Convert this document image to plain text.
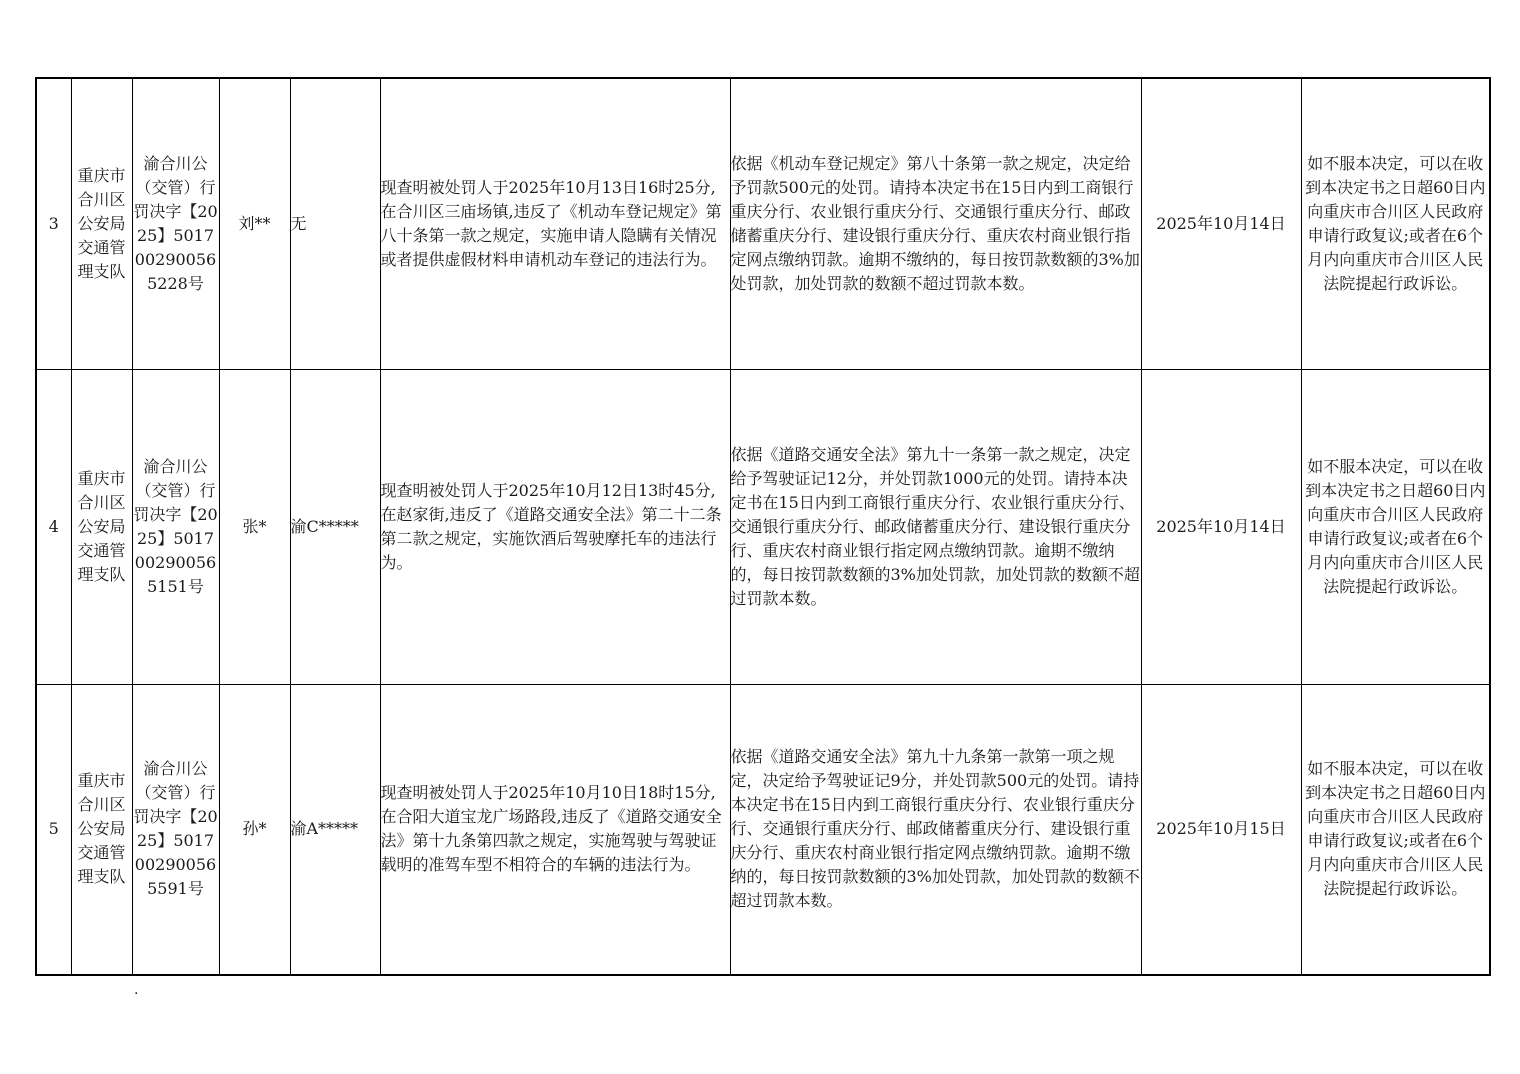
3	重庆市合川区公安局交通管理支队	渝合川公（交管）行罚决字【2025】5017002900565228号	刘**	无	现查明被处罚人于2025年10月13日16时25分,在合川区三庙场镇,违反了《机动车登记规定》第八十条第一款之规定，实施申请人隐瞒有关情况或者提供虚假材料申请机动车登记的违法行为。	依据《机动车登记规定》第八十条第一款之规定，决定给予罚款500元的处罚。请持本决定书在15日内到工商银行重庆分行、农业银行重庆分行、交通银行重庆分行、邮政储蓄重庆分行、建设银行重庆分行、重庆农村商业银行指定网点缴纳罚款。逾期不缴纳的，每日按罚款数额的3%加处罚款，加处罚款的数额不超过罚款本数。	2025年10月14日	如不服本决定，可以在收到本决定书之日超60日内向重庆市合川区人民政府申请行政复议;或者在6个月内向重庆市合川区人民法院提起行政诉讼。
4	重庆市合川区公安局交通管理支队	渝合川公（交管）行罚决字【2025】5017002900565151号	张*	渝C*****	现查明被处罚人于2025年10月12日13时45分,在赵家街,违反了《道路交通安全法》第二十二条第二款之规定，实施饮酒后驾驶摩托车的违法行为。	依据《道路交通安全法》第九十一条第一款之规定，决定给予驾驶证记12分，并处罚款1000元的处罚。请持本决定书在15日内到工商银行重庆分行、农业银行重庆分行、交通银行重庆分行、邮政储蓄重庆分行、建设银行重庆分行、重庆农村商业银行指定网点缴纳罚款。逾期不缴纳的，每日按罚款数额的3%加处罚款，加处罚款的数额不超过罚款本数。	2025年10月14日	如不服本决定，可以在收到本决定书之日超60日内向重庆市合川区人民政府申请行政复议;或者在6个月内向重庆市合川区人民法院提起行政诉讼。
5	重庆市合川区公安局交通管理支队	渝合川公（交管）行罚决字【2025】5017002900565591号	孙*	渝A*****	现查明被处罚人于2025年10月10日18时15分,在合阳大道宝龙广场路段,违反了《道路交通安全法》第十九条第四款之规定，实施驾驶与驾驶证载明的准驾车型不相符合的车辆的违法行为。	依据《道路交通安全法》第九十九条第一款第一项之规定，决定给予驾驶证记9分，并处罚款500元的处罚。请持本决定书在15日内到工商银行重庆分行、农业银行重庆分行、交通银行重庆分行、邮政储蓄重庆分行、建设银行重庆分行、重庆农村商业银行指定网点缴纳罚款。逾期不缴纳的，每日按罚款数额的3%加处罚款，加处罚款的数额不超过罚款本数。	2025年10月15日	如不服本决定，可以在收到本决定书之日超60日内向重庆市合川区人民政府申请行政复议;或者在6个月内向重庆市合川区人民法院提起行政诉讼。
.
